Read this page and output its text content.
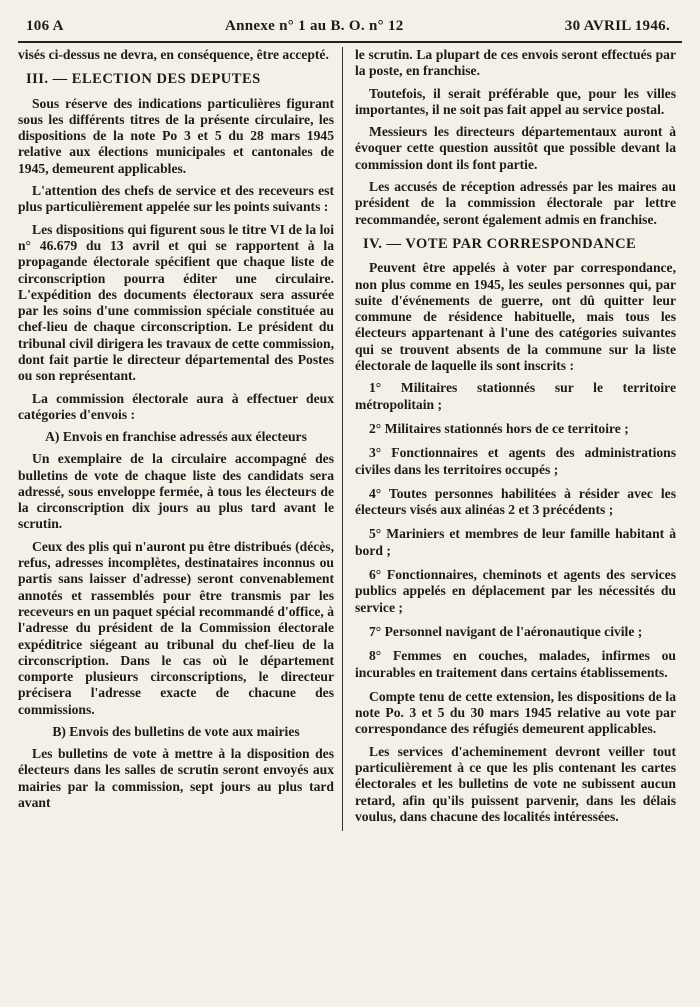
106 A	Annexe n° 1 au B. O. n° 12	30 AVRIL 1946.

visés ci-dessus ne devra, en conséquence, être accepté.

III. — ELECTION DES DEPUTES

Sous réserve des indications particulières figurant sous les différents titres de la présente circulaire, les dispositions de la note Po 3 et 5 du 28 mars 1945 relative aux élections municipales et cantonales de 1945, demeurent applicables.

L'attention des chefs de service et des receveurs est plus particulièrement appelée sur les points suivants :

Les dispositions qui figurent sous le titre VI de la loi n° 46.679 du 13 avril et qui se rapportent à la propagande électorale spécifient que chaque liste de circonscription pourra éditer une circulaire. L'expédition des documents électoraux sera assurée par les soins d'une commission spéciale constituée au chef-lieu de chaque circonscription. Le président du tribunal civil dirigera les travaux de cette commission, dont fait partie le directeur départemental des Postes ou son représentant.

La commission électorale aura à effectuer deux catégories d'envois :

A) Envois en franchise adressés aux électeurs

Un exemplaire de la circulaire accompagné des bulletins de vote de chaque liste des candidats sera adressé, sous enveloppe fermée, à tous les électeurs de la circonscription dix jours au plus tard avant le scrutin.

Ceux des plis qui n'auront pu être distribués (décès, refus, adresses incomplètes, destinataires inconnus ou partis sans laisser d'adresse) seront convenablement annotés et rassemblés pour être transmis par les receveurs en un paquet spécial recommandé d'office, à l'adresse du président de la Commission électorale expéditrice siégeant au tribunal du chef-lieu de la circonscription. Dans le cas où le département comporte plusieurs circonscriptions, le directeur précisera l'adresse exacte de chacune des commissions.

B) Envois des bulletins de vote aux mairies

Les bulletins de vote à mettre à la disposition des électeurs dans les salles de scrutin seront envoyés aux mairies par la commission, sept jours au plus tard avant

le scrutin. La plupart de ces envois seront effectués par la poste, en franchise.

Toutefois, il serait préférable que, pour les villes importantes, il ne soit pas fait appel au service postal.

Messieurs les directeurs départementaux auront à évoquer cette question aussitôt que possible devant la commission dont ils font partie.

Les accusés de réception adressés par les maires au président de la commission électorale par lettre recommandée, seront également admis en franchise.

IV. — VOTE PAR CORRESPONDANCE

Peuvent être appelés à voter par correspondance, non plus comme en 1945, les seules personnes qui, par suite d'événements de guerre, ont dû quitter leur commune de résidence habituelle, mais tous les électeurs appartenant à l'une des catégories suivantes qui se trouvent absents de la commune sur la liste électorale de laquelle ils sont inscrits :

1° Militaires stationnés sur le territoire métropolitain ;
2° Militaires stationnés hors de ce territoire ;
3° Fonctionnaires et agents des administrations civiles dans les territoires occupés ;
4° Toutes personnes habilitées à résider avec les électeurs visés aux alinéas 2 et 3 précédents ;
5° Mariniers et membres de leur famille habitant à bord ;
6° Fonctionnaires, cheminots et agents des services publics appelés en déplacement par les nécessités du service ;
7° Personnel navigant de l'aéronautique civile ;
8° Femmes en couches, malades, infirmes ou incurables en traitement dans certains établissements.

Compte tenu de cette extension, les dispositions de la note Po. 3 et 5 du 30 mars 1945 relative au vote par correspondance des réfugiés demeurent applicables.

Les services d'acheminement devront veiller tout particulièrement à ce que les plis contenant les cartes électorales et les bulletins de vote ne subissent aucun retard, afin qu'ils puissent parvenir, dans les délais voulus, dans chacune des localités intéressées.
